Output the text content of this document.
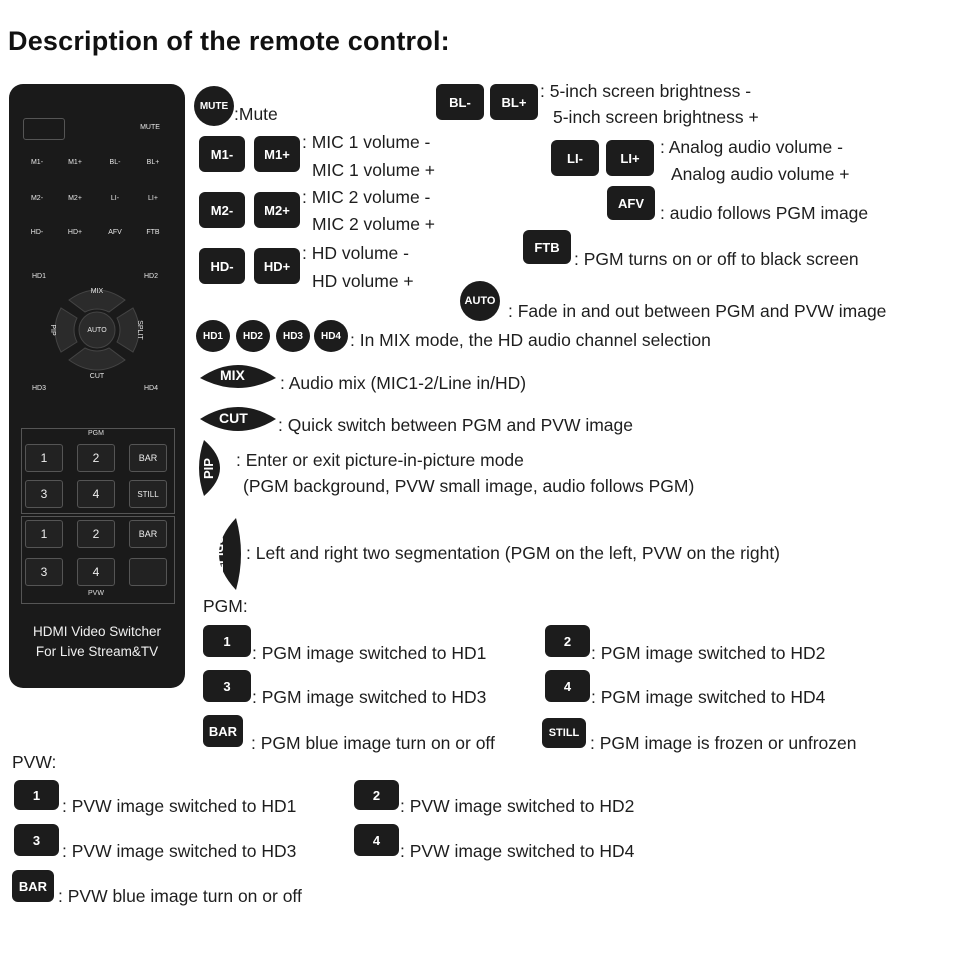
Description of the remote control:
MUTE
M1-	M1+	BL-	BL+
M2-	M2+	LI-	LI+
HD-	HD+	AFV	FTB
HD1	HD2
HD3	HD4
MIX
AUTO
CUT
PIP	SPLIT
PGM
1	2	BAR
3	4	STILL
1	2	BAR
3	4
PVW
HDMI Video Switcher
For Live Stream&TV
MUTE :Mute
M1-	M1+
: MIC 1 volume -
MIC 1 volume +
M2-	M2+
: MIC 2 volume -
MIC 2 volume +
HD-	HD+
: HD volume -
HD volume +
BL-	BL+
: 5-inch screen brightness -
5-inch screen brightness +
LI-	LI+
: Analog audio volume -
Analog audio volume +
AFV : audio follows PGM image
FTB
: PGM turns on or off to black screen
AUTO : Fade in and out between PGM and PVW image
HD1	HD2	HD3	HD4 : In MIX mode, the HD audio channel selection
MIX : Audio mix (MIC1-2/Line in/HD)
CUT : Quick switch between PGM and PVW image
PIP : Enter or exit picture-in-picture mode
(PGM background, PVW small image, audio follows PGM)
SPLIT : Left and right two segmentation (PGM on the left, PVW on the right)
PGM:
1
: PGM image switched to HD1
2
: PGM image switched to HD2
3
: PGM image switched to HD3
4
: PGM image switched to HD4
BAR
: PGM blue image turn on or off	STILL : PGM image is frozen or unfrozen
PVW:
1
: PVW image switched to HD1
2
: PVW image switched to HD2
3
: PVW image switched to HD3
4
: PVW image switched to HD4
BAR : PVW blue image turn on or off
